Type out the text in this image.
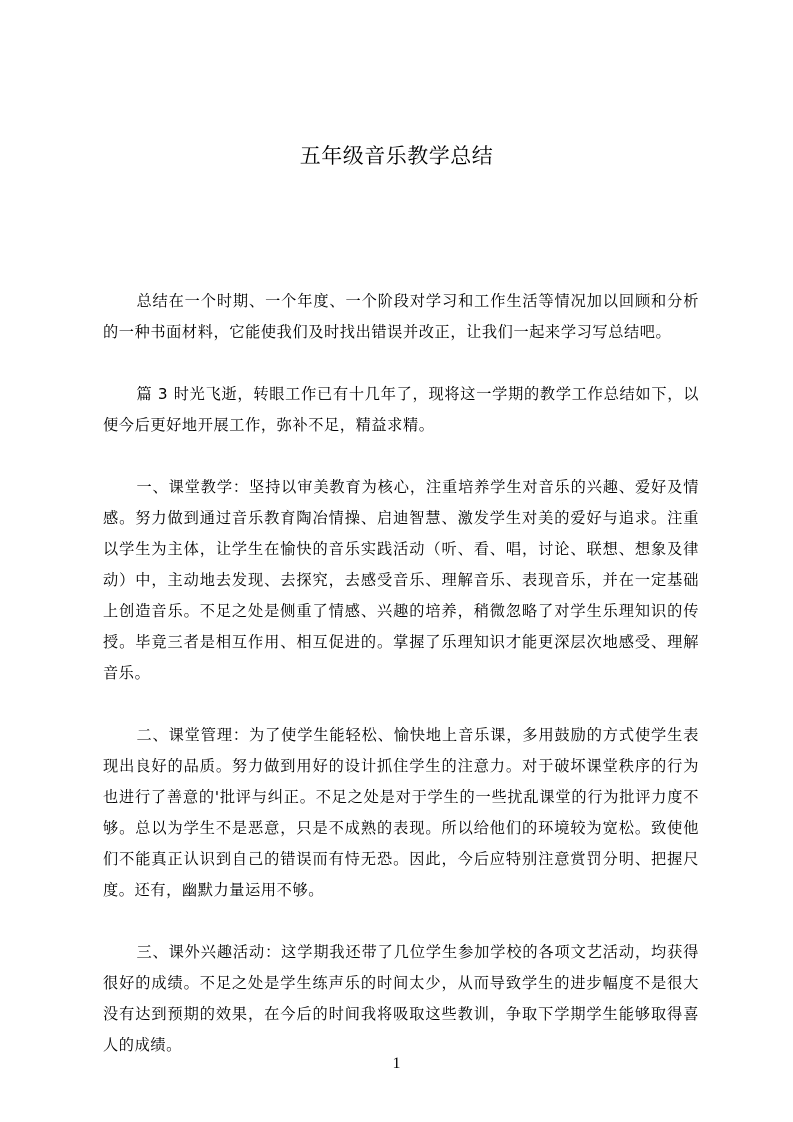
五年级音乐教学总结

总结在一个时期、一个年度、一个阶段对学习和工作生活等情况加以回顾和分析的一种书面材料，它能使我们及时找出错误并改正，让我们一起来学习写总结吧。

篇 3 时光飞逝，转眼工作已有十几年了，现将这一学期的教学工作总结如下，以便今后更好地开展工作，弥补不足，精益求精。

一、课堂教学：坚持以审美教育为核心，注重培养学生对音乐的兴趣、爱好及情感。努力做到通过音乐教育陶冶情操、启迪智慧、激发学生对美的爱好与追求。注重以学生为主体，让学生在愉快的音乐实践活动（听、看、唱，讨论、联想、想象及律动）中，主动地去发现、去探究，去感受音乐、理解音乐、表现音乐，并在一定基础上创造音乐。不足之处是侧重了情感、兴趣的培养，稍微忽略了对学生乐理知识的传授。毕竟三者是相互作用、相互促进的。掌握了乐理知识才能更深层次地感受、理解音乐。

二、课堂管理：为了使学生能轻松、愉快地上音乐课，多用鼓励的方式使学生表现出良好的品质。努力做到用好的设计抓住学生的注意力。对于破坏课堂秩序的行为也进行了善意的'批评与纠正。不足之处是对于学生的一些扰乱课堂的行为批评力度不够。总以为学生不是恶意，只是不成熟的表现。所以给他们的环境较为宽松。致使他们不能真正认识到自己的错误而有恃无恐。因此，今后应特别注意赏罚分明、把握尺度。还有，幽默力量运用不够。

三、课外兴趣活动：这学期我还带了几位学生参加学校的各项文艺活动，均获得很好的成绩。不足之处是学生练声乐的时间太少，从而导致学生的进步幅度不是很大没有达到预期的效果，在今后的时间我将吸取这些教训，争取下学期学生能够取得喜人的成绩。

1
